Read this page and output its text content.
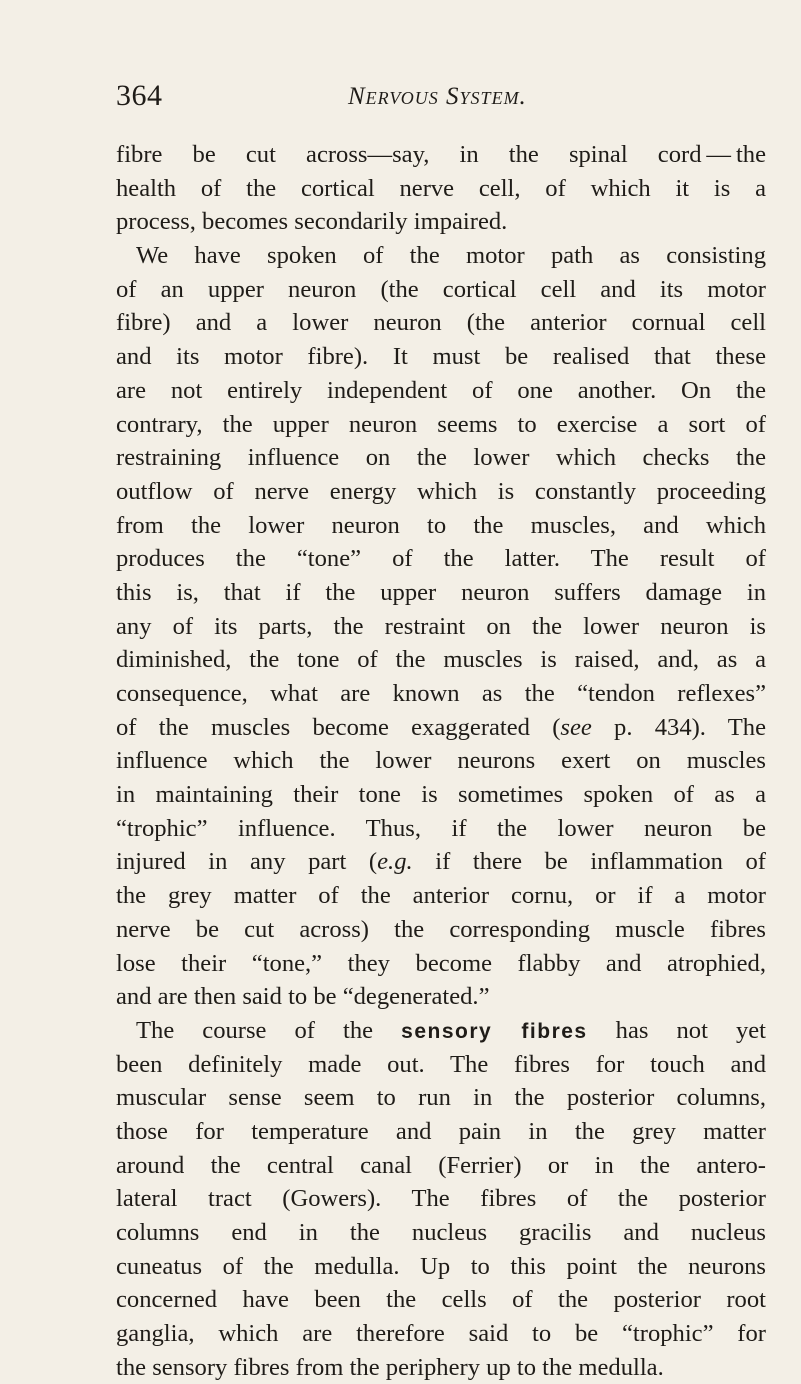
364	Nervous System.
fibre be cut across—say, in the spinal cord — the
health of the cortical nerve cell, of which it is a
process, becomes secondarily impaired.
We have spoken of the motor path as consisting
of an upper neuron (the cortical cell and its motor
fibre) and a lower neuron (the anterior cornual cell
and its motor fibre). It must be realised that these
are not entirely independent of one another. On the
contrary, the upper neuron seems to exercise a sort of
restraining influence on the lower which checks the
outflow of nerve energy which is constantly proceeding
from the lower neuron to the muscles, and which
produces the “tone” of the latter. The result of
this is, that if the upper neuron suffers damage in
any of its parts, the restraint on the lower neuron is
diminished, the tone of the muscles is raised, and, as a
consequence, what are known as the “tendon reflexes”
of the muscles become exaggerated (see p. 434). The
influence which the lower neurons exert on muscles
in maintaining their tone is sometimes spoken of as a
“trophic” influence. Thus, if the lower neuron be
injured in any part (e.g. if there be inflammation of
the grey matter of the anterior cornu, or if a motor
nerve be cut across) the corresponding muscle fibres
lose their “tone,” they become flabby and atrophied,
and are then said to be “degenerated.”
The course of the sensory fibres has not yet
been definitely made out. The fibres for touch and
muscular sense seem to run in the posterior columns,
those for temperature and pain in the grey matter
around the central canal (Ferrier) or in the antero-
lateral tract (Gowers). The fibres of the posterior
columns end in the nucleus gracilis and nucleus
cuneatus of the medulla. Up to this point the neurons
concerned have been the cells of the posterior root
ganglia, which are therefore said to be “trophic” for
the sensory fibres from the periphery up to the medulla.
